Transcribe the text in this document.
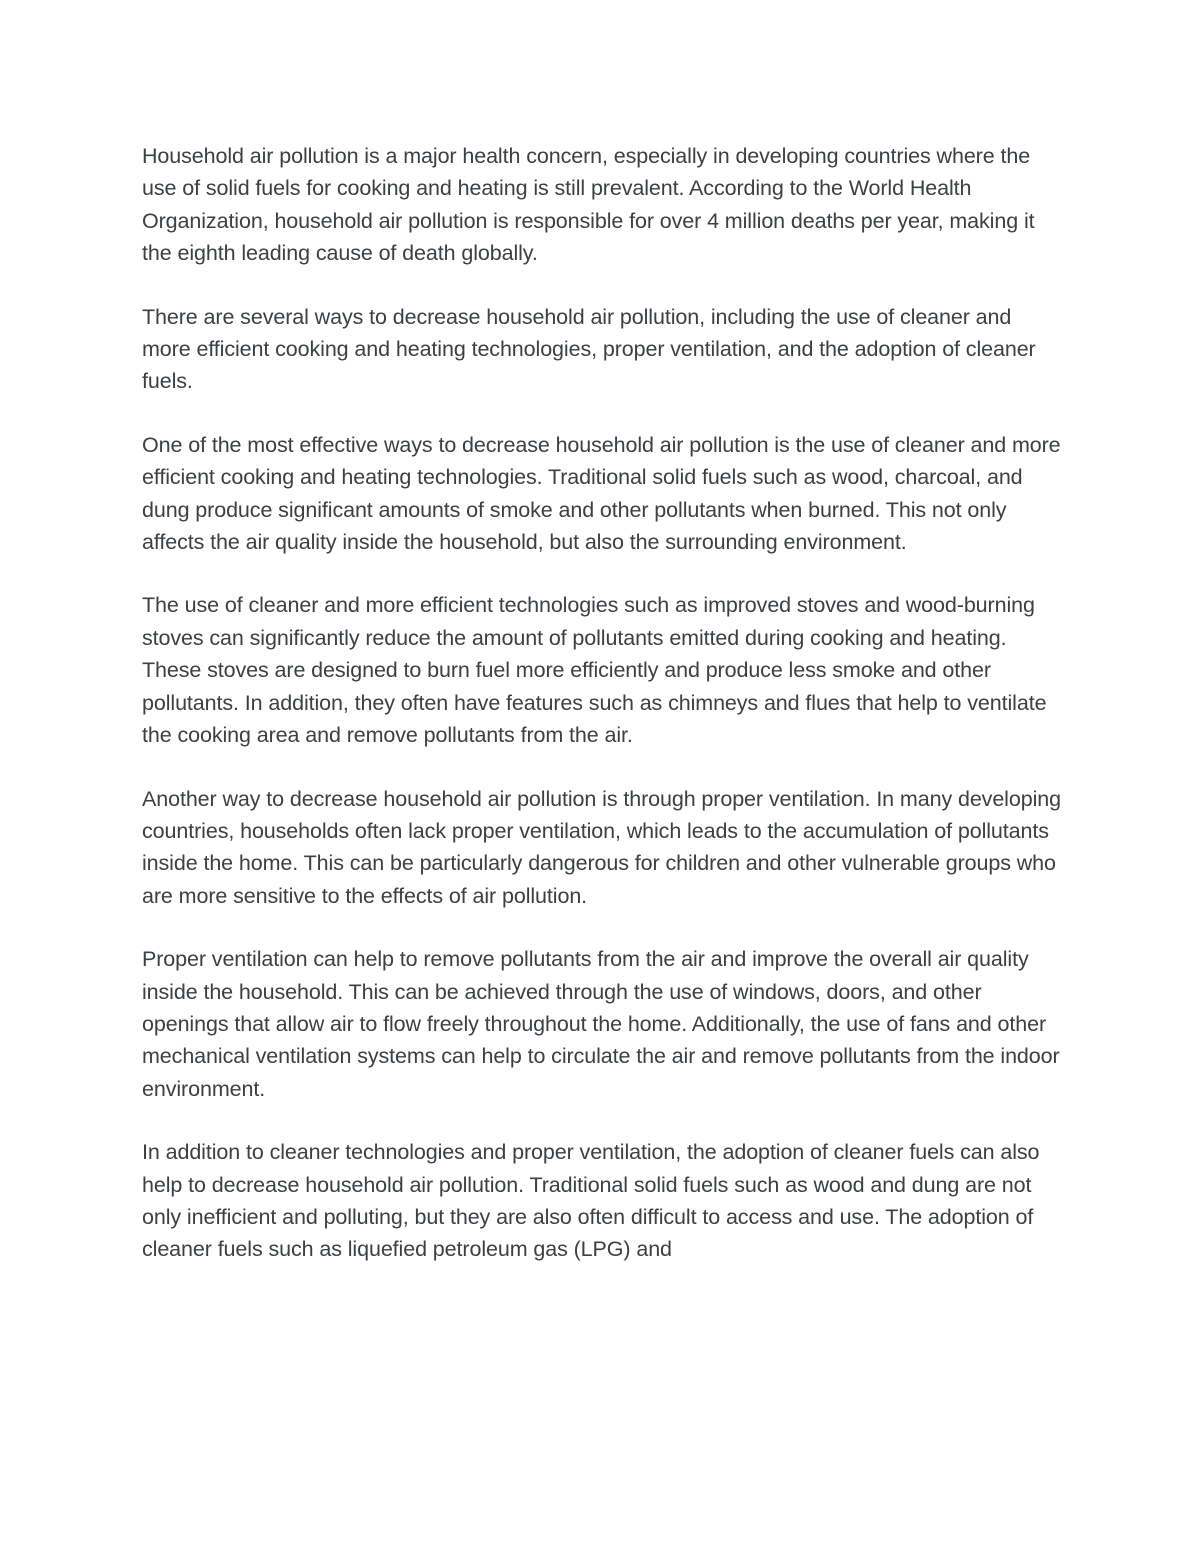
Household air pollution is a major health concern, especially in developing countries where the use of solid fuels for cooking and heating is still prevalent. According to the World Health Organization, household air pollution is responsible for over 4 million deaths per year, making it the eighth leading cause of death globally.

There are several ways to decrease household air pollution, including the use of cleaner and more efficient cooking and heating technologies, proper ventilation, and the adoption of cleaner fuels.

One of the most effective ways to decrease household air pollution is the use of cleaner and more efficient cooking and heating technologies. Traditional solid fuels such as wood, charcoal, and dung produce significant amounts of smoke and other pollutants when burned. This not only affects the air quality inside the household, but also the surrounding environment.

The use of cleaner and more efficient technologies such as improved stoves and wood-burning stoves can significantly reduce the amount of pollutants emitted during cooking and heating. These stoves are designed to burn fuel more efficiently and produce less smoke and other pollutants. In addition, they often have features such as chimneys and flues that help to ventilate the cooking area and remove pollutants from the air.

Another way to decrease household air pollution is through proper ventilation. In many developing countries, households often lack proper ventilation, which leads to the accumulation of pollutants inside the home. This can be particularly dangerous for children and other vulnerable groups who are more sensitive to the effects of air pollution.

Proper ventilation can help to remove pollutants from the air and improve the overall air quality inside the household. This can be achieved through the use of windows, doors, and other openings that allow air to flow freely throughout the home. Additionally, the use of fans and other mechanical ventilation systems can help to circulate the air and remove pollutants from the indoor environment.

In addition to cleaner technologies and proper ventilation, the adoption of cleaner fuels can also help to decrease household air pollution. Traditional solid fuels such as wood and dung are not only inefficient and polluting, but they are also often difficult to access and use. The adoption of cleaner fuels such as liquefied petroleum gas (LPG) and
